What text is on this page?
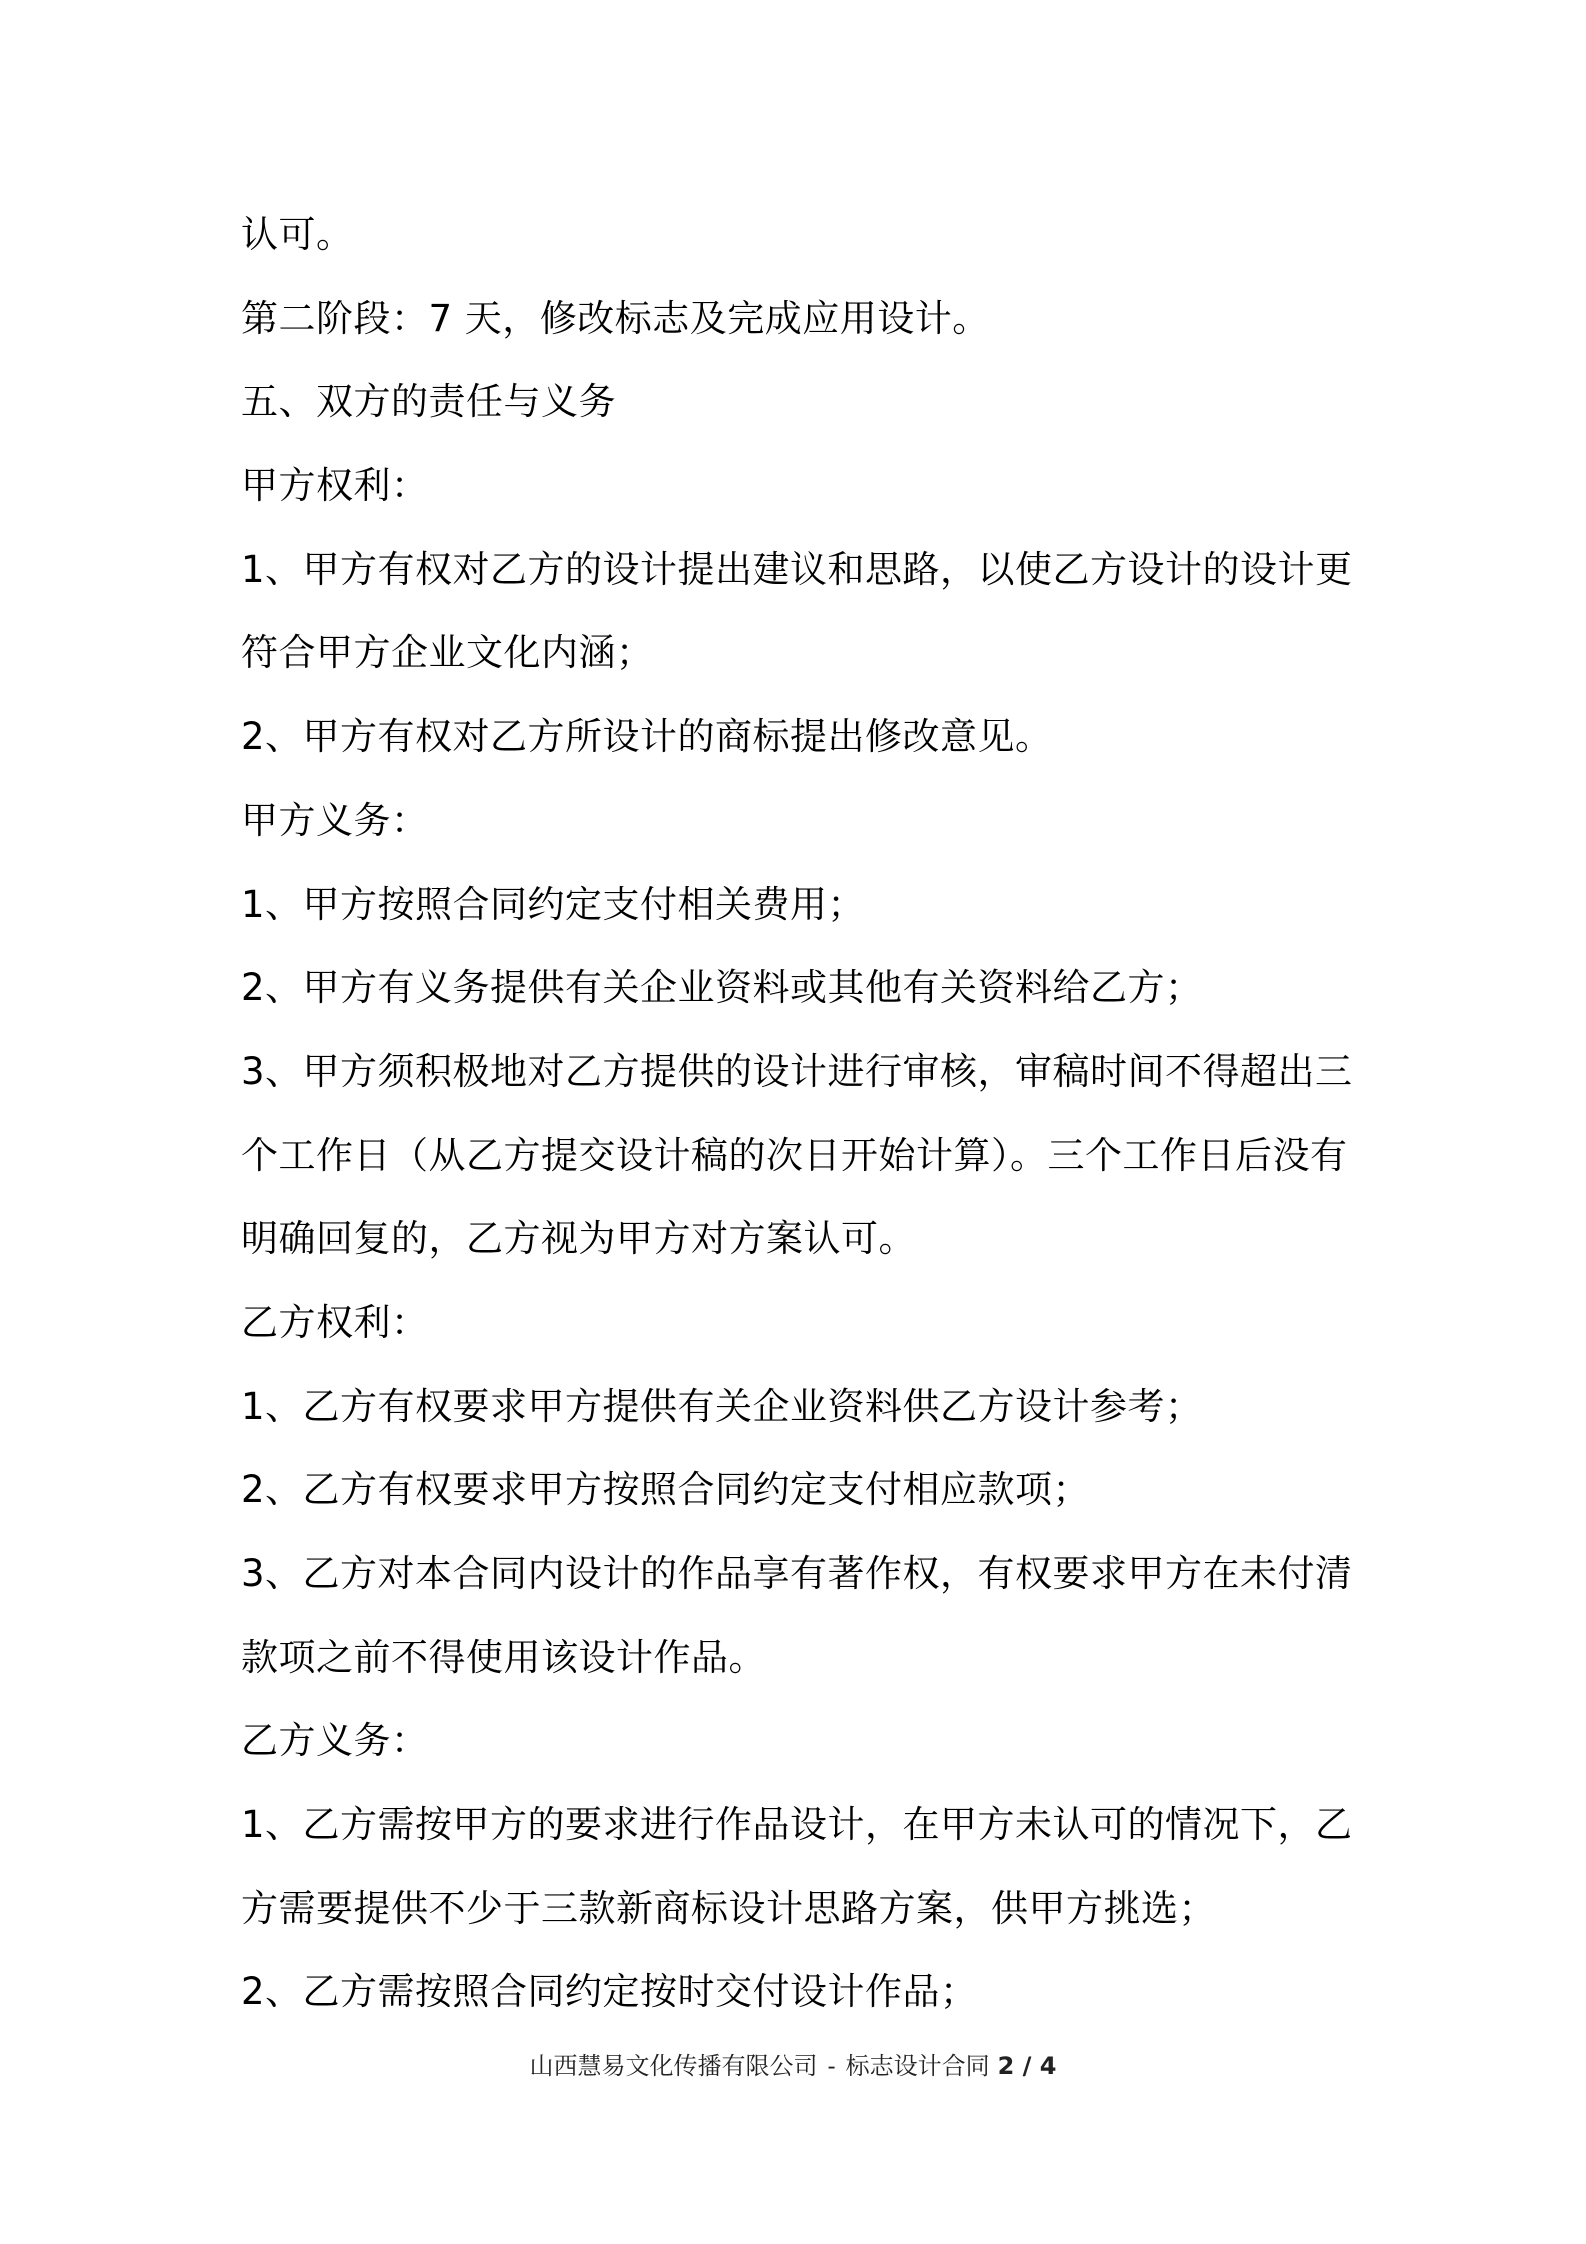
认可。
第二阶段：7 天，修改标志及完成应用设计。
五、双方的责任与义务
甲方权利：
1、甲方有权对乙方的设计提出建议和思路，以使乙方设计的设计更
符合甲方企业文化内涵；
2、甲方有权对乙方所设计的商标提出修改意见。
甲方义务：
1、甲方按照合同约定支付相关费用；
2、甲方有义务提供有关企业资料或其他有关资料给乙方；
3、甲方须积极地对乙方提供的设计进行审核，审稿时间不得超出三
个工作日（从乙方提交设计稿的次日开始计算）。三个工作日后没有
明确回复的，乙方视为甲方对方案认可。
乙方权利：
1、乙方有权要求甲方提供有关企业资料供乙方设计参考；
2、乙方有权要求甲方按照合同约定支付相应款项；
3、乙方对本合同内设计的作品享有著作权，有权要求甲方在未付清
款项之前不得使用该设计作品。
乙方义务：
1、乙方需按甲方的要求进行作品设计，在甲方未认可的情况下，乙
方需要提供不少于三款新商标设计思路方案，供甲方挑选；
2、乙方需按照合同约定按时交付设计作品；
山西慧易文化传播有限公司 - 标志设计合同 2 / 4
